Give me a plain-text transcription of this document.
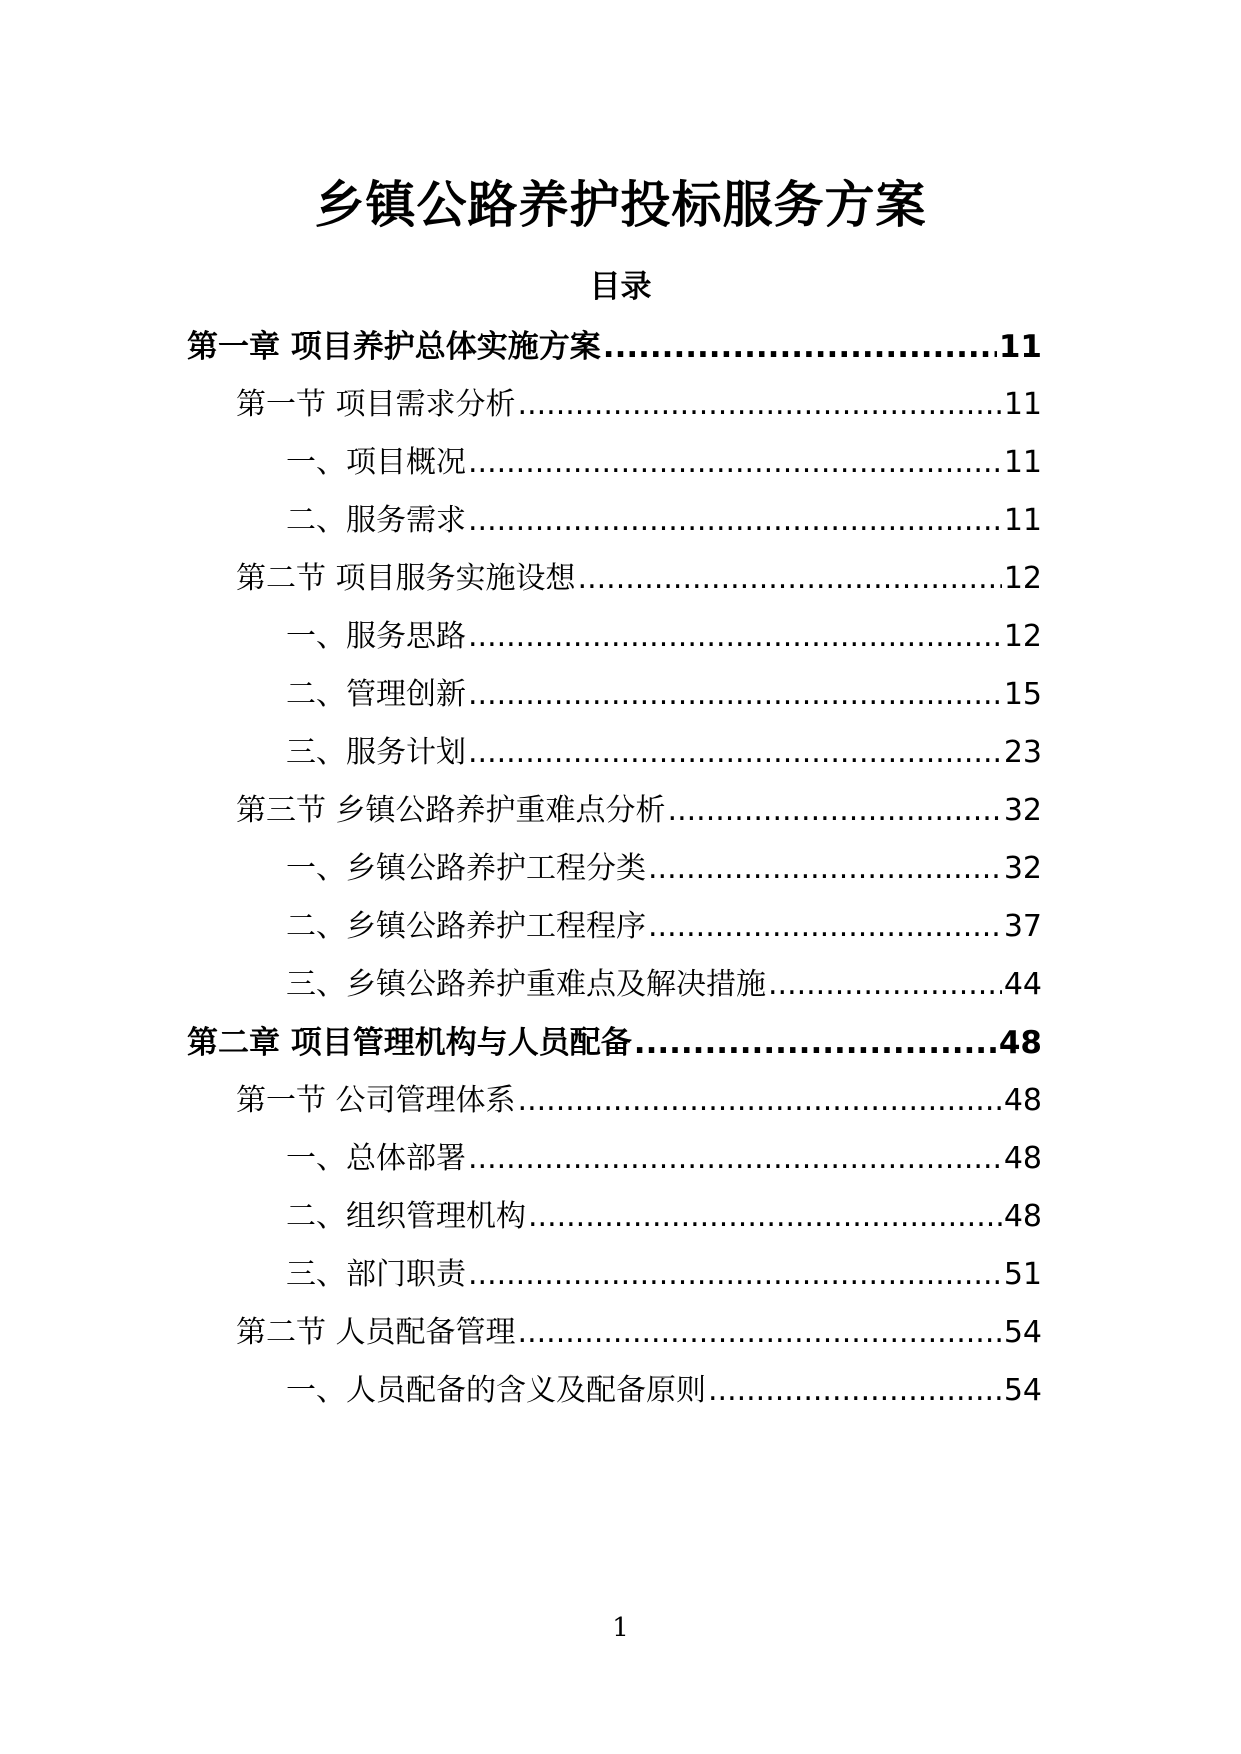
乡镇公路养护投标服务方案
目录
第一章 项目养护总体实施方案 .....	11
第一节 项目需求分析 .....	11
一、项目概况 .....	11
二、服务需求 .....	11
第二节 项目服务实施设想 .....	12
一、服务思路 .....	12
二、管理创新 .....	15
三、服务计划 .....	23
第三节 乡镇公路养护重难点分析 .....	32
一、乡镇公路养护工程分类 .....	32
二、乡镇公路养护工程程序 .....	37
三、乡镇公路养护重难点及解决措施 .....	44
第二章 项目管理机构与人员配备 .....	48
第一节 公司管理体系 .....	48
一、总体部署 .....	48
二、组织管理机构 .....	48
三、部门职责 .....	51
第二节 人员配备管理 .....	54
一、人员配备的含义及配备原则 .....	54
1
